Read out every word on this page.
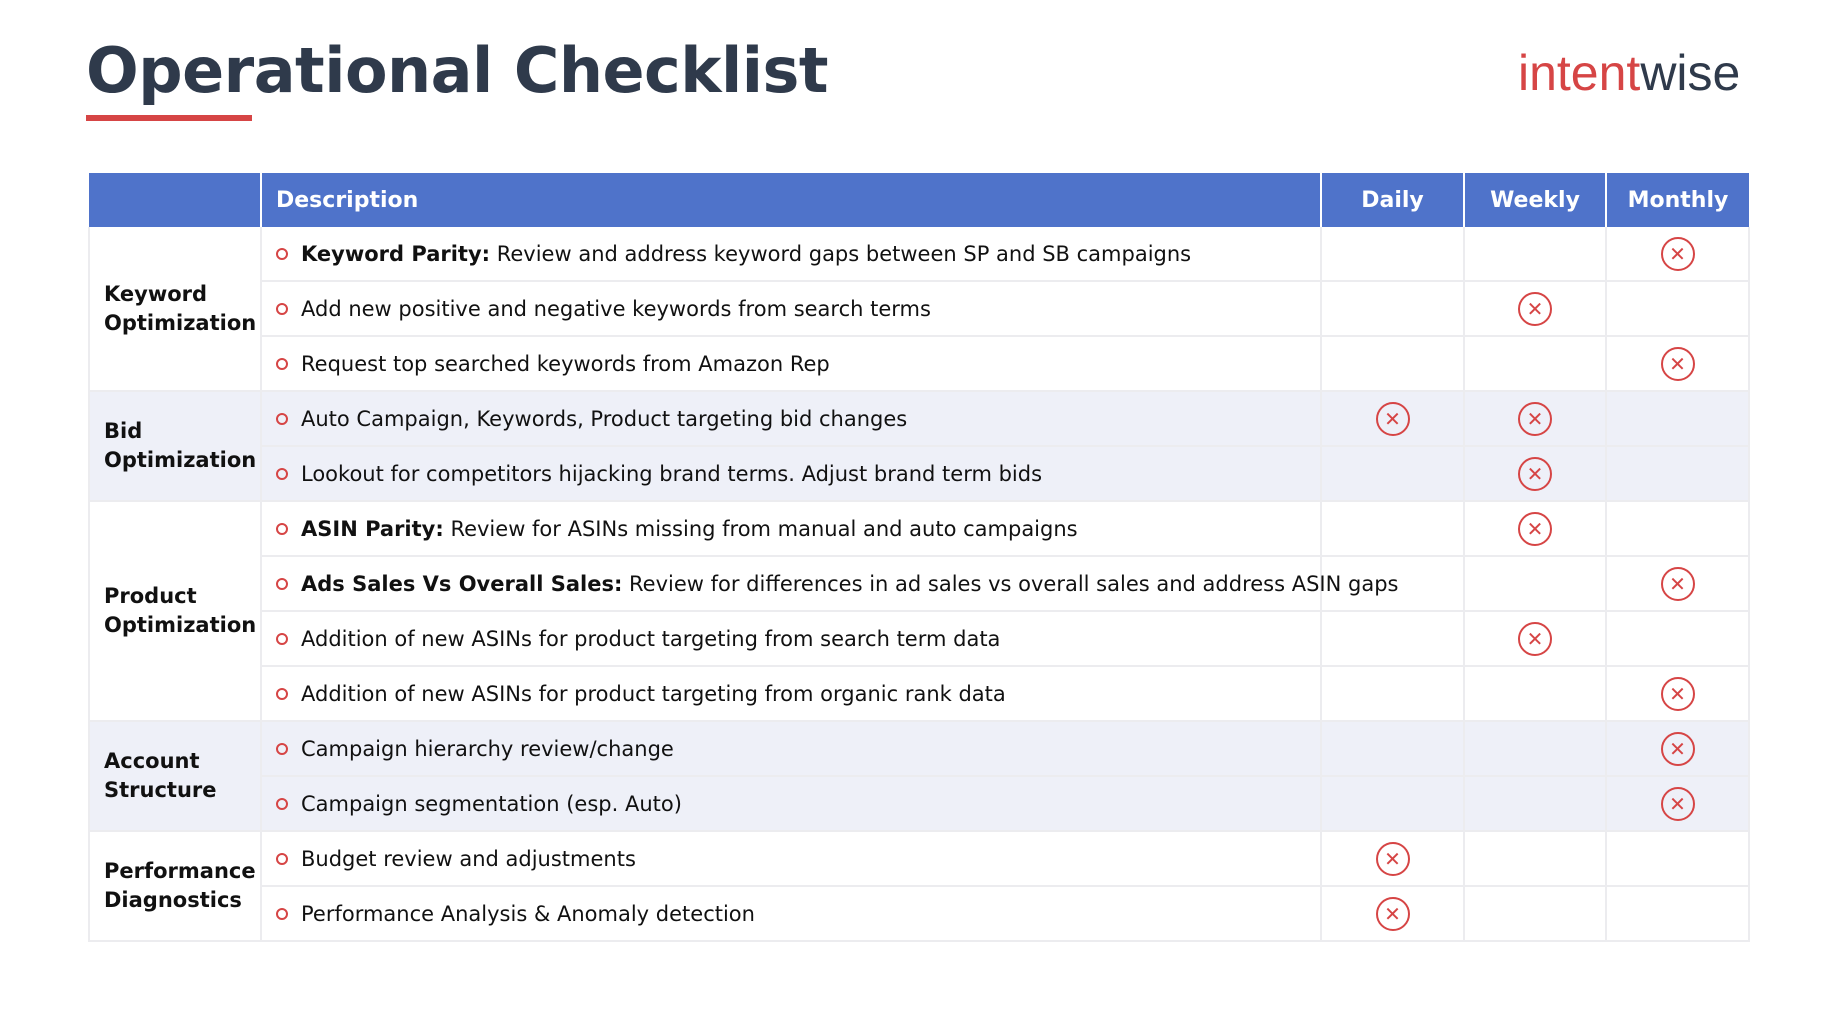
Operational Checklist	intentwise
	Description	Daily	Weekly	Monthly

Keyword
Optimization	Keyword Parity: Review and address keyword gaps between SP and SB campaigns			✕
	Add new positive and negative keywords from search terms		✕	
	Request top searched keywords from Amazon Rep			✕

Bid
Optimization	Auto Campaign, Keywords, Product targeting bid changes	✕	✕	
	Lookout for competitors hijacking brand terms. Adjust brand term bids		✕	

Product
Optimization	ASIN Parity: Review for ASINs missing from manual and auto campaigns		✕	
	Ads Sales Vs Overall Sales: Review for differences in ad sales vs overall sales and address ASIN gaps			✕
	Addition of new ASINs for product targeting from search term data		✕	
	Addition of new ASINs for product targeting from organic rank data			✕

Account
Structure	Campaign hierarchy review/change			✕
	Campaign segmentation (esp. Auto)			✕

Performance
Diagnostics	Budget review and adjustments	✕		
	Performance Analysis & Anomaly detection	✕		
